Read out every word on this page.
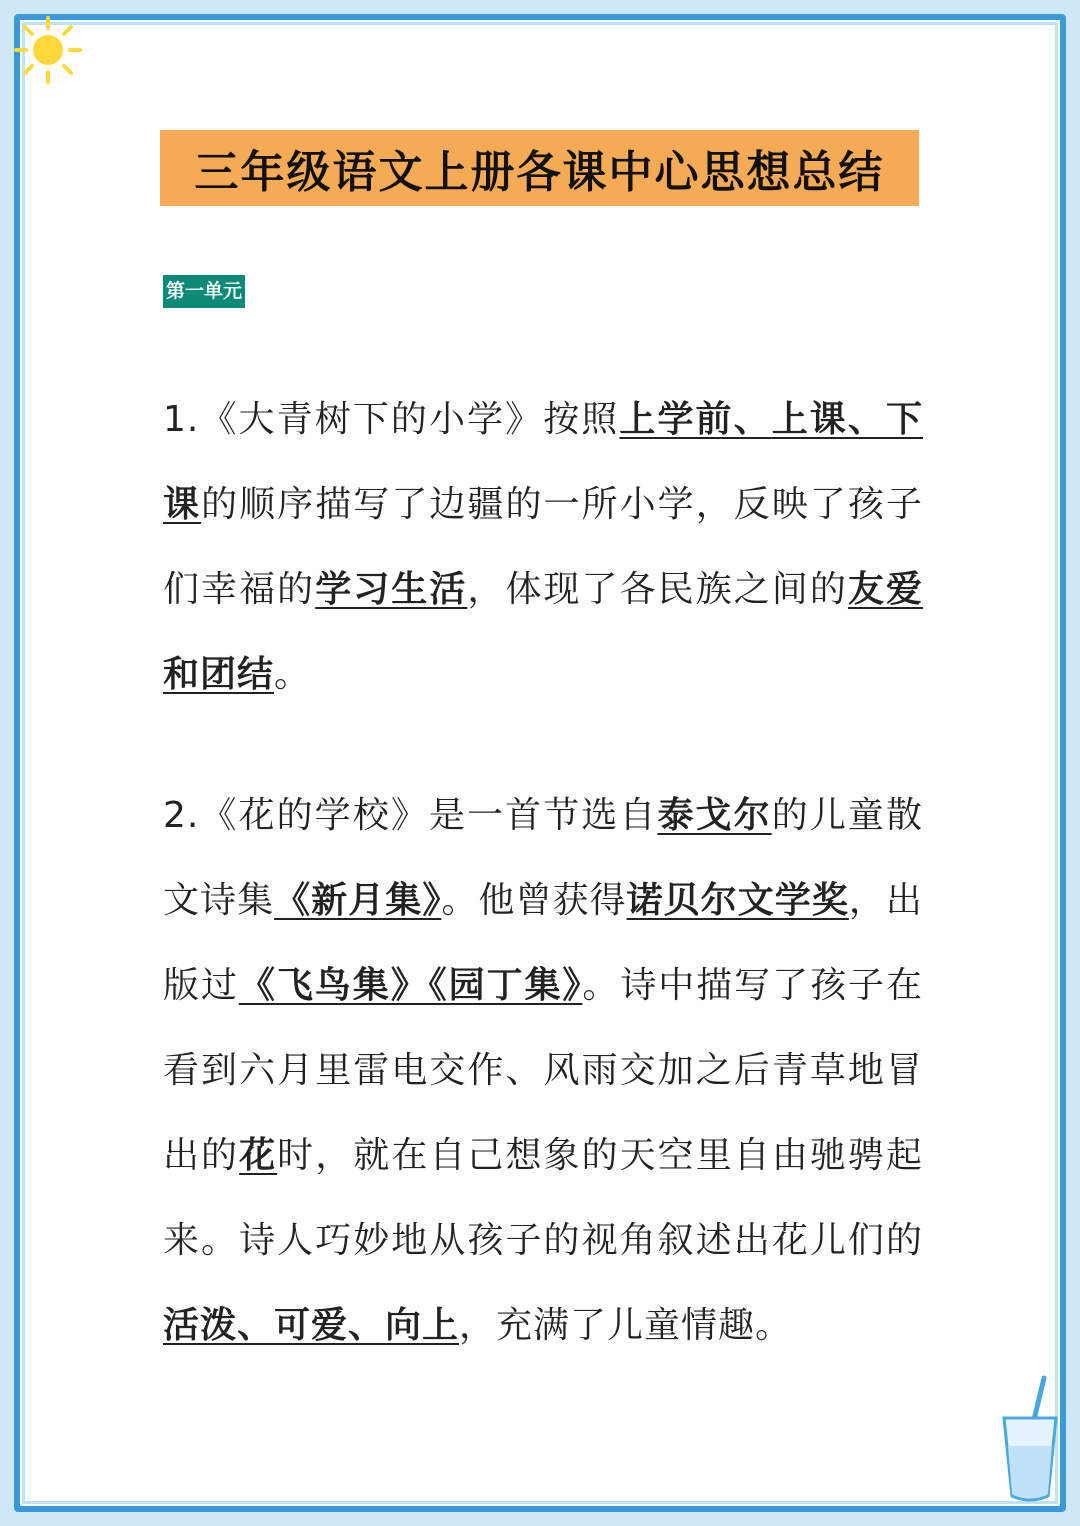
三年级语文上册各课中心思想总结
第一单元
1.《大青树下的小学》按照上学前、上课、下课的顺序描写了边疆的一所小学，反映了孩子们幸福的学习生活，体现了各民族之间的友爱和团结。
2.《花的学校》是一首节选自泰戈尔的儿童散文诗集《新月集》。他曾获得诺贝尔文学奖，出版过《飞鸟集》《园丁集》。诗中描写了孩子在看到六月里雷电交作、风雨交加之后青草地冒出的花时，就在自己想象的天空里自由驰骋起来。诗人巧妙地从孩子的视角叙述出花儿们的活泼、可爱、向上，充满了儿童情趣。
